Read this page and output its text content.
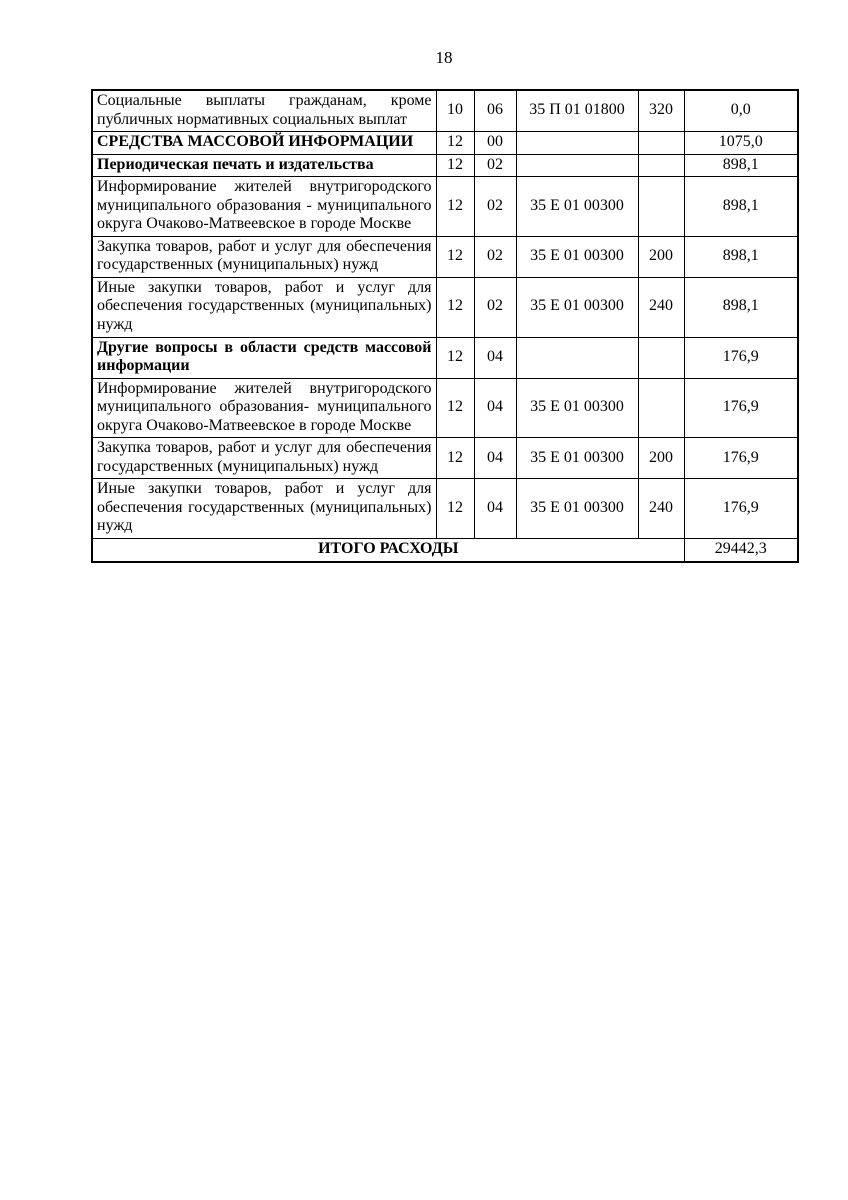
18
Социальные выплаты гражданам, кроме публичных нормативных социальных выплат	10	06	35 П 01 01800	320	0,0
СРЕДСТВА МАССОВОЙ ИНФОРМАЦИИ	12	00			1075,0
Периодическая печать и издательства	12	02			898,1
Информирование жителей внутригородского муниципального образования - муниципального округа Очаково-Матвеевское в городе Москве	12	02	35 Е 01 00300		898,1
Закупка товаров, работ и услуг для обеспечения государственных (муниципальных) нужд	12	02	35 Е 01 00300	200	898,1
Иные закупки товаров, работ и услуг для обеспечения государственных (муниципальных) нужд	12	02	35 Е 01 00300	240	898,1
Другие вопросы в области средств массовой информации	12	04			176,9
Информирование жителей внутригородского муниципального образования- муниципального округа Очаково-Матвеевское в городе Москве	12	04	35 Е 01 00300		176,9
Закупка товаров, работ и услуг для обеспечения государственных (муниципальных) нужд	12	04	35 Е 01 00300	200	176,9
Иные закупки товаров, работ и услуг для обеспечения государственных (муниципальных) нужд	12	04	35 Е 01 00300	240	176,9
ИТОГО РАСХОДЫ					29442,3
